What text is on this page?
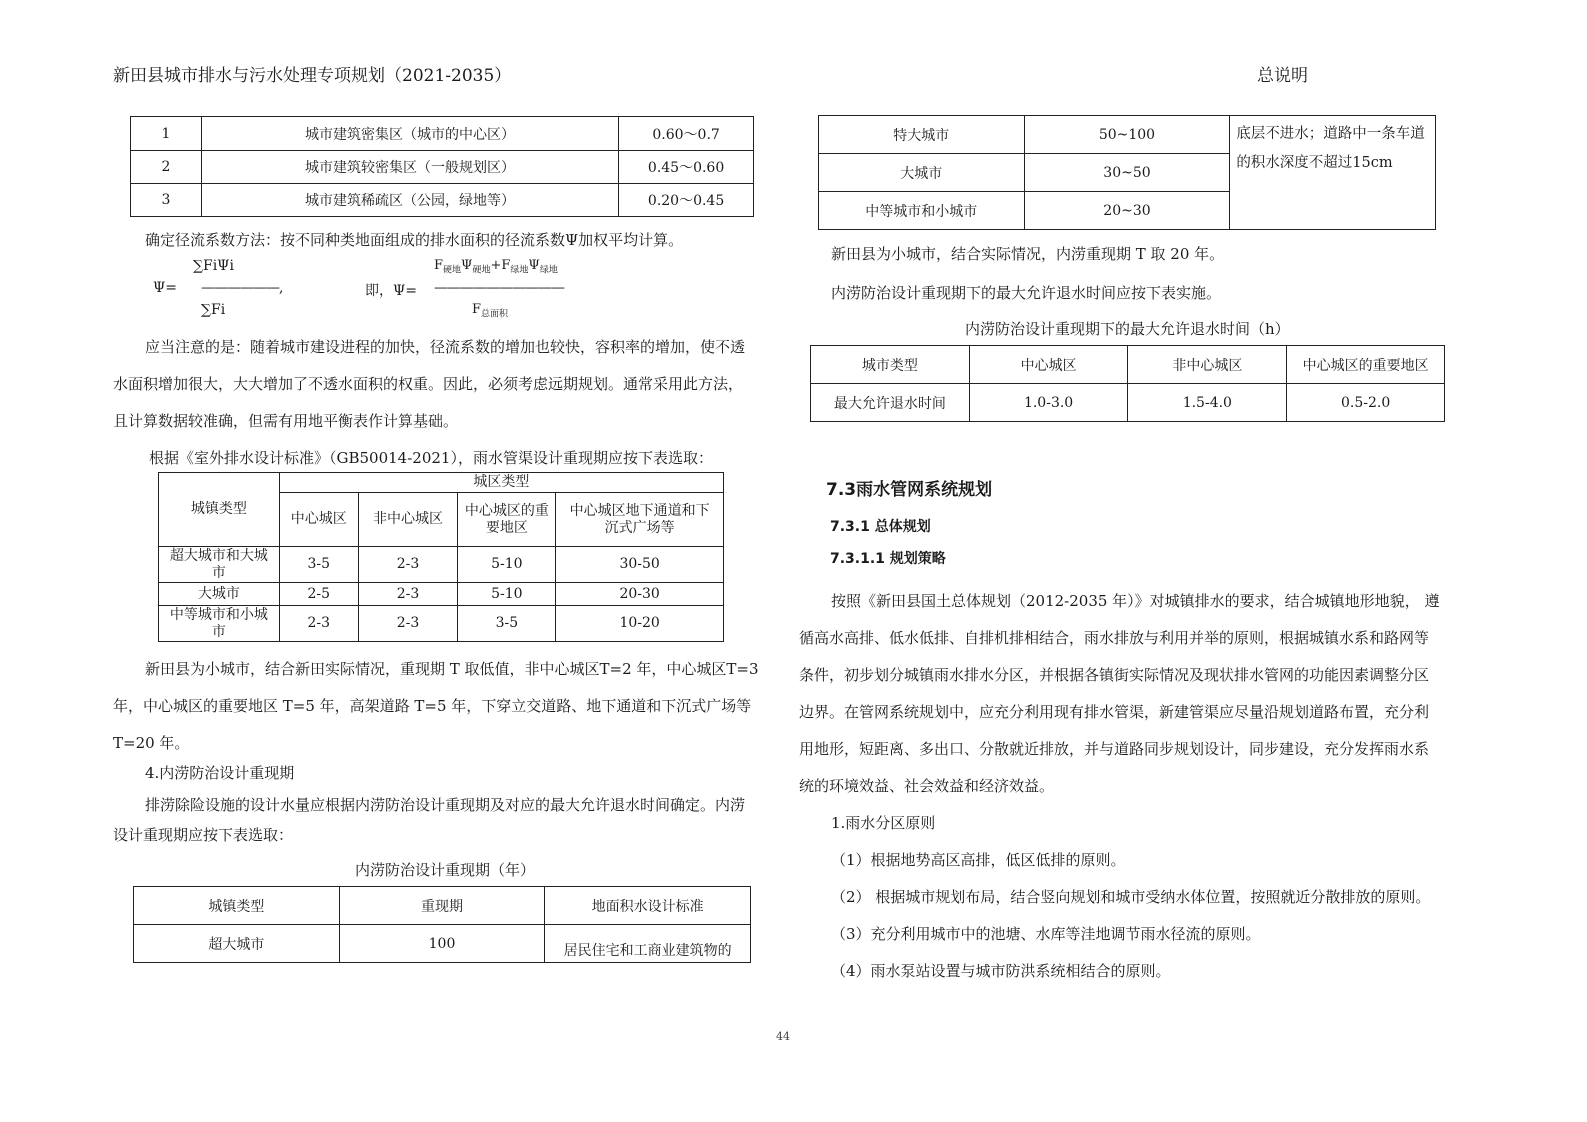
新田县城市排水与污水处理专项规划（2021-2035）	总说明
1	城市建筑密集区（城市的中心区）	0.60～0.7
2	城市建筑较密集区（一般规划区）	0.45～0.60
3	城市建筑稀疏区（公园，绿地等）	0.20～0.45
确定径流系数方法：按不同种类地面组成的排水面积的径流系数Ψ加权平均计算。
∑FiΨi
Ψ= ——————,
∑Fi
即，Ψ=
$F_{硬地}\Psi_{硬地}+F_{绿地}\Psi_{绿地}$
——————————
$F_{总面积}$
应当注意的是：随着城市建设进程的加快，径流系数的增加也较快，容积率的增加，使不透
水面积增加很大，大大增加了不透水面积的权重。因此，必须考虑远期规划。通常采用此方法，
且计算数据较准确，但需有用地平衡表作计算基础。
根据《室外排水设计标准》（GB50014-2021），雨水管渠设计重现期应按下表选取：
城镇类型	城区类型			
	中心城区	非中心城区	中心城区的重要地区	中心城区地下通道和下沉式广场等
超大城市和大城市	3-5	2-3	5-10	30-50
大城市	2-5	2-3	5-10	20-30
中等城市和小城市	2-3	2-3	3-5	10-20
新田县为小城市，结合新田实际情况，重现期 T 取低值，非中心城区T=2 年，中心城区T=3
年，中心城区的重要地区 T=5 年，高架道路 T=5 年，下穿立交道路、地下通道和下沉式广场等
T=20 年。
4.内涝防治设计重现期
排涝除险设施的设计水量应根据内涝防治设计重现期及对应的最大允许退水时间确定。内涝
设计重现期应按下表选取：
内涝防治设计重现期（年）
城镇类型	重现期	地面积水设计标准
超大城市	100	居民住宅和工商业建筑物的
特大城市	50~100	底层不进水；道路中一条车道的积水深度不超过15cm
大城市	30~50	
中等城市和小城市	20~30	
新田县为小城市，结合实际情况，内涝重现期 T 取 20 年。
内涝防治设计重现期下的最大允许退水时间应按下表实施。
内涝防治设计重现期下的最大允许退水时间（h）
城市类型	中心城区	非中心城区	中心城区的重要地区
最大允许退水时间	1.0-3.0	1.5-4.0	0.5-2.0
7.3雨水管网系统规划
7.3.1 总体规划
7.3.1.1 规划策略
按照《新田县国土总体规划（2012-2035 年）》对城镇排水的要求，结合城镇地形地貌， 遵
循高水高排、低水低排、自排机排相结合，雨水排放与利用并举的原则，根据城镇水系和路网等
条件，初步划分城镇雨水排水分区，并根据各镇街实际情况及现状排水管网的功能因素调整分区
边界。在管网系统规划中，应充分利用现有排水管渠，新建管渠应尽量沿规划道路布置，充分利
用地形，短距离、多出口、分散就近排放，并与道路同步规划设计，同步建设，充分发挥雨水系
统的环境效益、社会效益和经济效益。
1.雨水分区原则
（1）根据地势高区高排，低区低排的原则。
（2） 根据城市规划布局，结合竖向规划和城市受纳水体位置，按照就近分散排放的原则。
（3）充分利用城市中的池塘、水库等洼地调节雨水径流的原则。
（4）雨水泵站设置与城市防洪系统相结合的原则。
44
